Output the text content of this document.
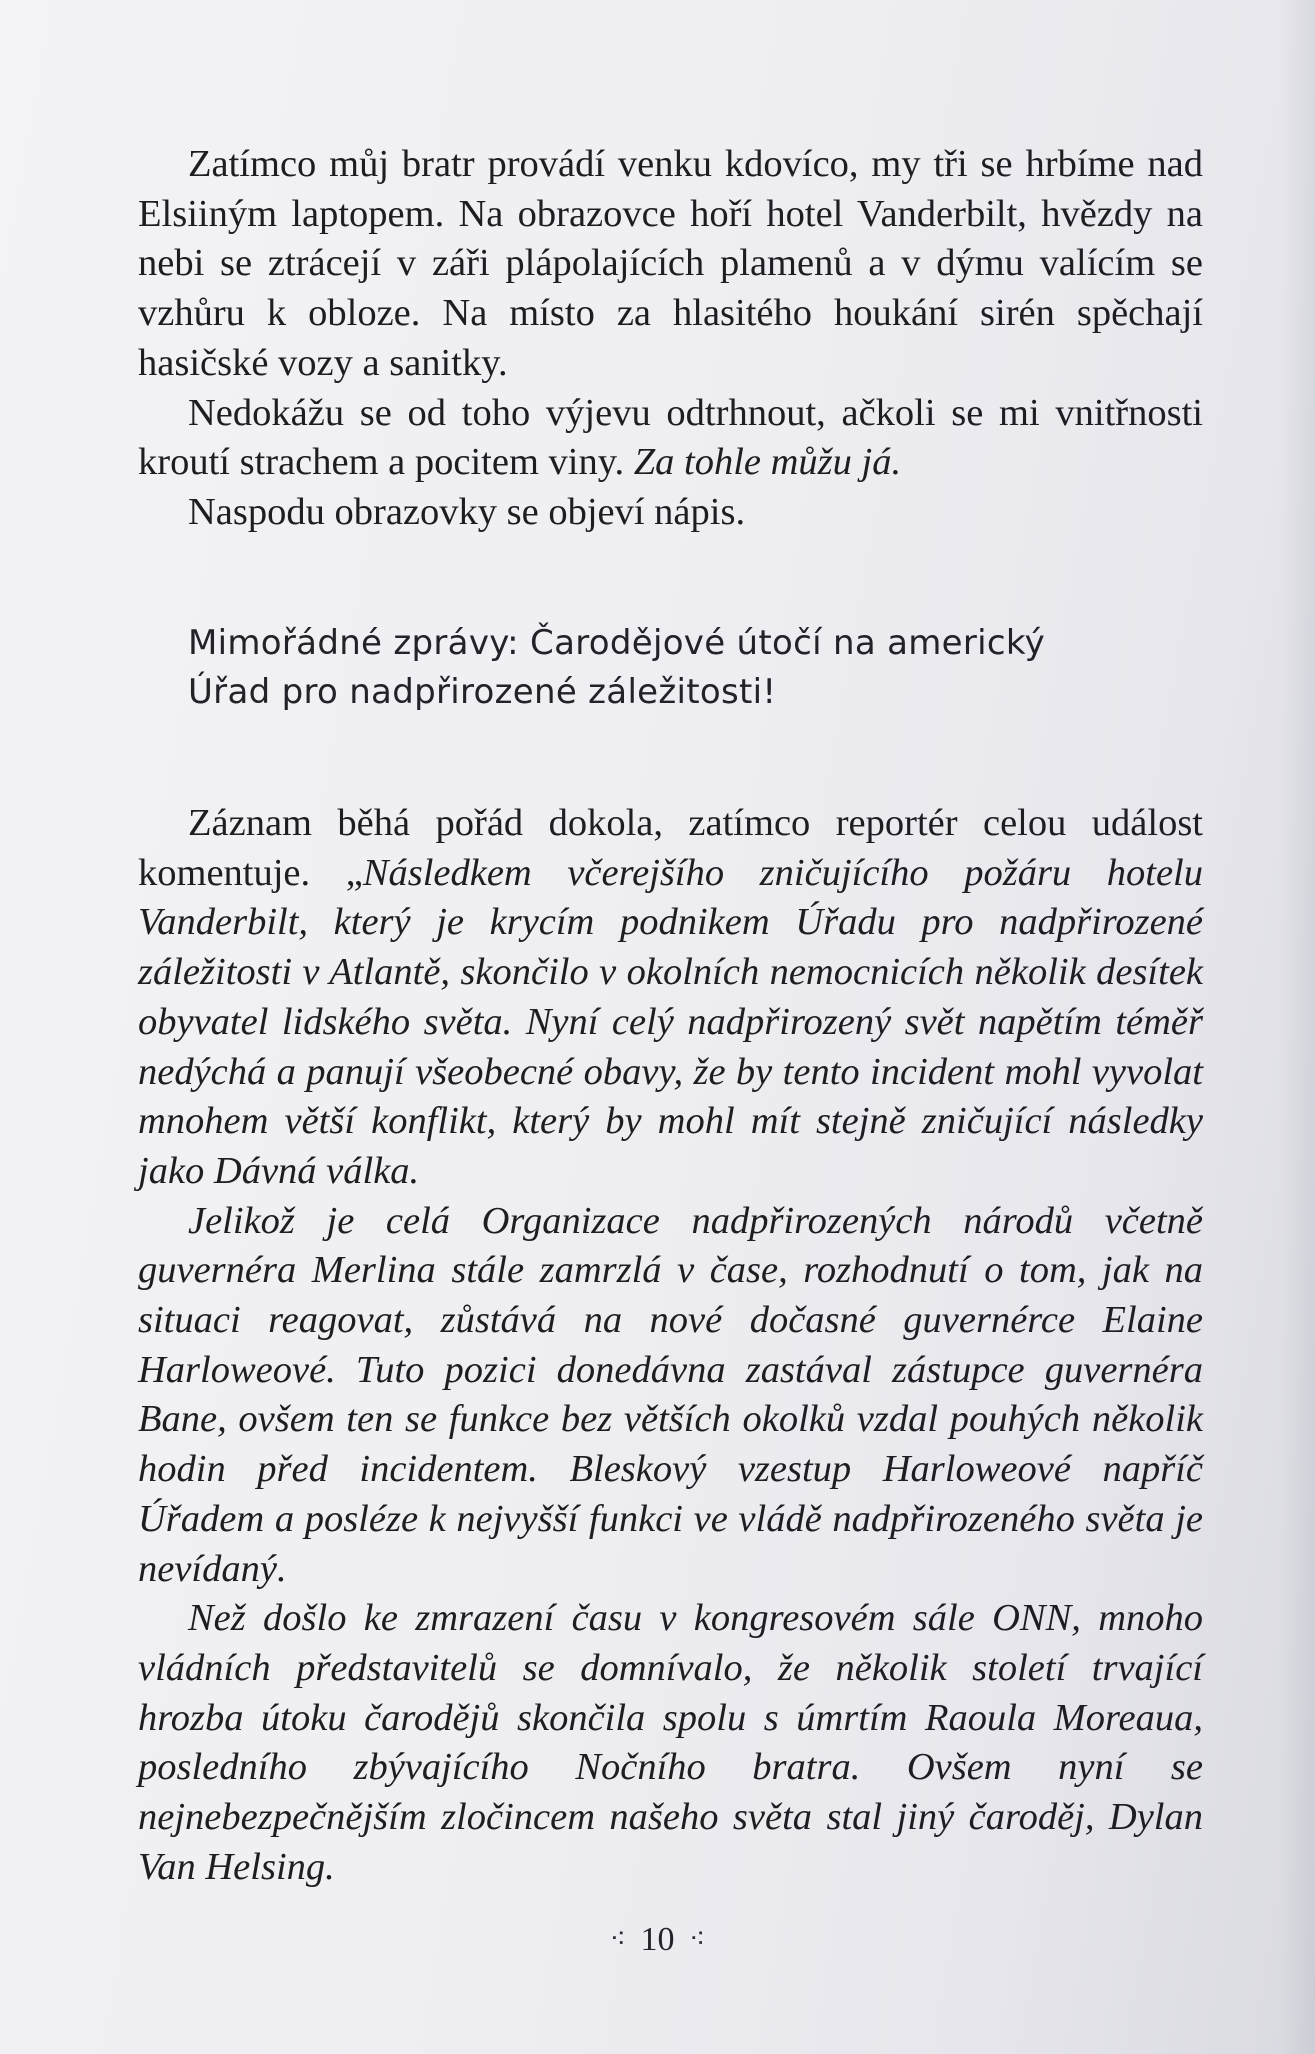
Zatímco můj bratr provádí venku kdovíco, my tři se hrbíme nad Elsiiným laptopem. Na obrazovce hoří hotel Vanderbilt, hvězdy na nebi se ztrácejí v záři plápolajících plamenů a v dýmu valícím se vzhůru k obloze. Na místo za hlasitého houkání sirén spěchají hasičské vozy a sanitky.

Nedokážu se od toho výjevu odtrhnout, ačkoli se mi vnitřnosti kroutí strachem a pocitem viny. Za tohle můžu já.

Naspodu obrazovky se objeví nápis.

Mimořádné zprávy: Čarodějové útočí na americký
Úřad pro nadpřirozené záležitosti!

Záznam běhá pořád dokola, zatímco reportér celou událost komentuje. „Následkem včerejšího zničujícího požáru hotelu Vanderbilt, který je krycím podnikem Úřadu pro nadpřirozené záležitosti v Atlantě, skončilo v okolních nemocnicích několik desítek obyvatel lidského světa. Nyní celý nadpřirozený svět napětím téměř nedýchá a panují všeobecné obavy, že by tento incident mohl vyvolat mnohem větší konflikt, který by mohl mít stejně zničující následky jako Dávná válka.

Jelikož je celá Organizace nadpřirozených národů včetně guvernéra Merlina stále zamrzlá v čase, rozhodnutí o tom, jak na situaci reagovat, zůstává na nové dočasné guvernérce Elaine Harloweové. Tuto pozici donedávna zastával zástupce guvernéra Bane, ovšem ten se funkce bez větších okolků vzdal pouhých několik hodin před incidentem. Bleskový vzestup Harloweové napříč Úřadem a posléze k nejvyšší funkci ve vládě nadpřirozeného světa je nevídaný.

Než došlo ke zmrazení času v kongresovém sále ONN, mnoho vládních představitelů se domnívalo, že několik století trvající hrozba útoku čarodějů skončila spolu s úmrtím Raoula Moreaua, posledního zbývajícího Nočního bratra. Ovšem nyní se nejnebezpečnějším zločincem našeho světa stal jiný čaroděj, Dylan Van Helsing.

⁖ 10 ⁖
